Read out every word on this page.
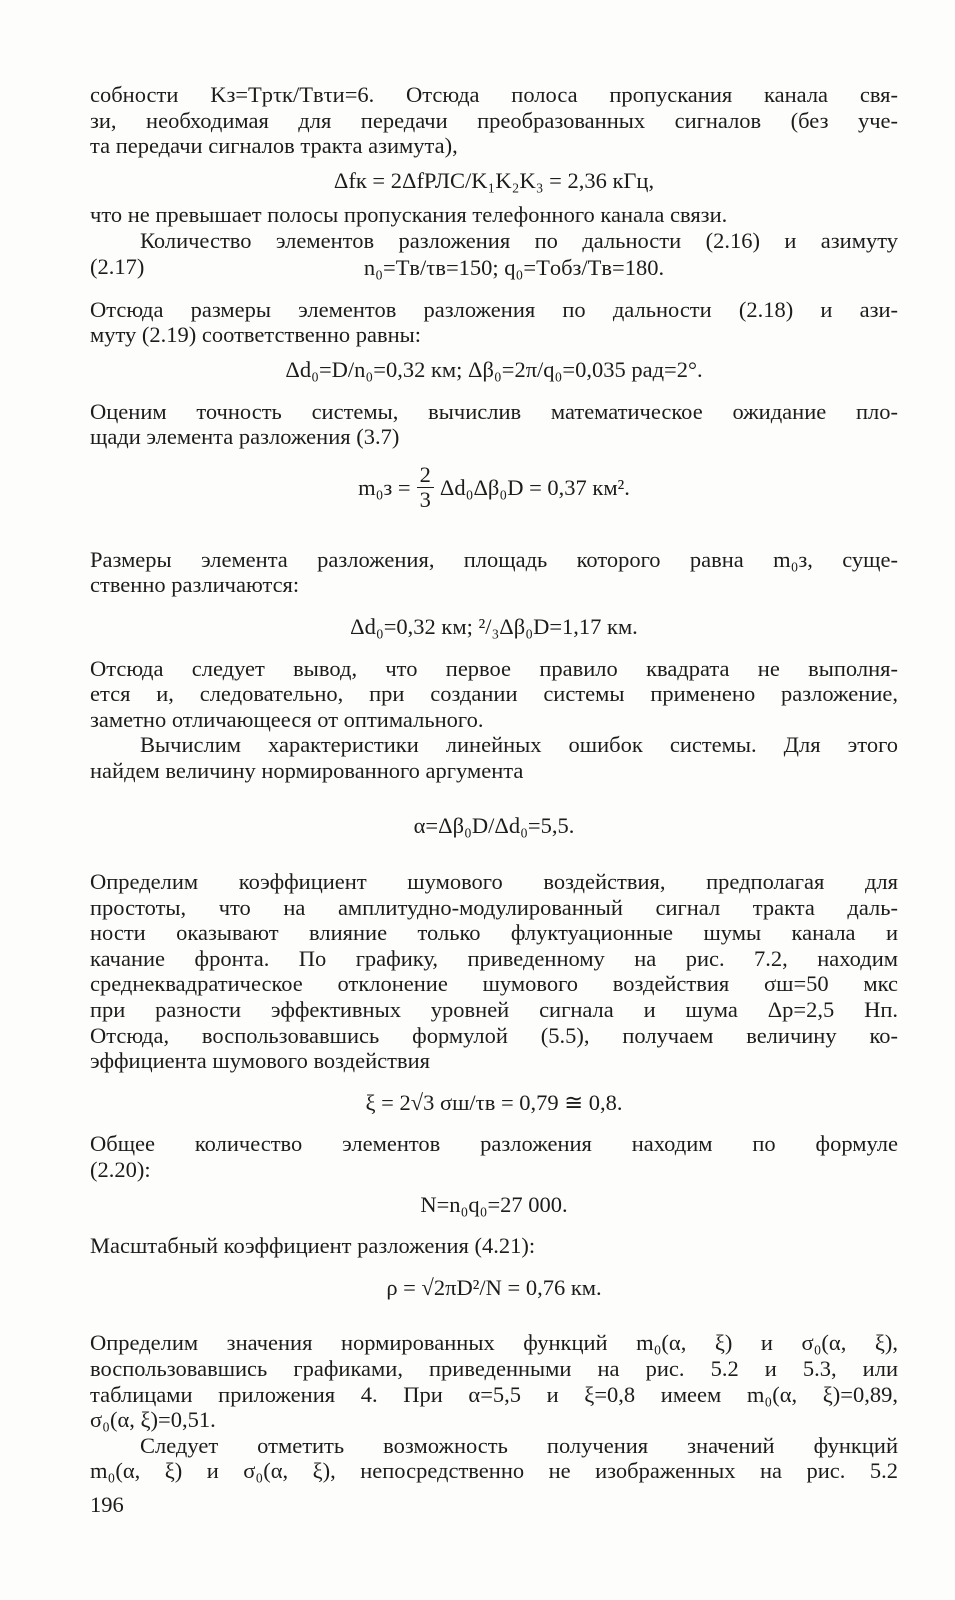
собности Kз=Tрτк/Tвτи=6. Отсюда полоса пропускания канала свя-

зи, необходимая для передачи преобразованных сигналов (без уче-

та передачи сигналов тракта азимута),

Δfк = 2ΔfРЛС/K₁K₂K₃ = 2,36 кГц,

что не превышает полосы пропускания телефонного канала связи.

Количество элементов разложения по дальности (2.16) и азимуту

(2.17)	n₀=Tв/τв=150; q₀=Tобз/Tв=180.

Отсюда размеры элементов разложения по дальности (2.18) и ази-

муту (2.19) соответственно равны:

Δd₀=D/n₀=0,32 км; Δβ₀=2π/q₀=0,035 рад=2°.

Оценим точность системы, вычислив математическое ожидание пло-

щади элемента разложения (3.7)

$m_0з = \frac{2}{3} \Delta d_0\Delta\beta_0D = 0,37$ км².

Размеры элемента разложения, площадь которого равна m₀з, суще-

ственно различаются:

Δd₀=0,32 км; ²/₃Δβ₀D=1,17 км.

Отсюда следует вывод, что первое правило квадрата не выполня-

ется и, следовательно, при создании системы применено разложение,

заметно отличающееся от оптимального.

Вычислим характеристики линейных ошибок системы. Для этого

найдем величину нормированного аргумента

α=Δβ₀D/Δd₀=5,5.

Определим коэффициент шумового воздействия, предполагая для

простоты, что на амплитудно-модулированный сигнал тракта даль-

ности оказывают влияние только флуктуационные шумы канала и

качание фронта. По графику, приведенному на рис. 7.2, находим

среднеквадратическое отклонение шумового воздействия σш=50 мкс

при разности эффективных уровней сигнала и шума Δp=2,5 Нп.

Отсюда, воспользовавшись формулой (5.5), получаем величину ко-

эффициента шумового воздействия

ξ = 2√3 σш/τв = 0,79 ≅ 0,8.

Общее количество элементов разложения находим по формуле

(2.20):

N=n₀q₀=27 000.

Масштабный коэффициент разложения (4.21):

ρ = √2πD²/N = 0,76 км.

Определим значения нормированных функций m₀(α, ξ) и σ₀(α, ξ),

воспользовавшись графиками, приведенными на рис. 5.2 и 5.3, или

таблицами приложения 4. При α=5,5 и ξ=0,8 имеем m₀(α, ξ)=0,89,

σ₀(α, ξ)=0,51.

Следует отметить возможность получения значений функций

m₀(α, ξ) и σ₀(α, ξ), непосредственно не изображенных на рис. 5.2

196
